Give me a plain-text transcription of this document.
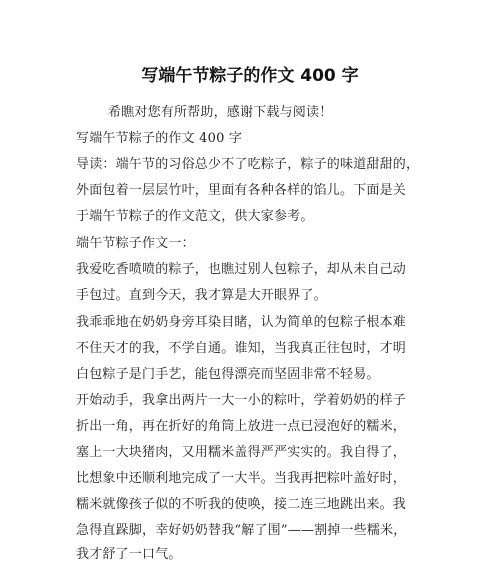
写端午节粽子的作文 400 字
希瞧对您有所帮助，感谢下载与阅读！
写端午节粽子的作文 400 字
导读：端午节的习俗总少不了吃粽子，粽子的味道甜甜的，
外面包着一层层竹叶，里面有各种各样的馅儿。下面是关
于端午节粽子的作文范文，供大家参考。
端午节粽子作文一：
我爱吃香喷喷的粽子，也瞧过别人包粽子，却从未自己动
手包过。直到今天，我才算是大开眼界了。
我乖乖地在奶奶身旁耳染目睹，认为简单的包粽子根本难
不住天才的我，不学自通。谁知，当我真正往包时，才明
白包粽子是门手艺，能包得漂亮而坚固非常不轻易。
开始动手，我拿出两片一大一小的粽叶，学着奶奶的样子
折出一角，再在折好的角筒上放进一点已浸泡好的糯米，
塞上一大块猪肉，又用糯米盖得严严实实的。我自得了，
比想象中还顺利地完成了一大半。当我再把粽叶盖好时，
糯米就像孩子似的不听我的使唤，接二连三地跳出来。我
急得直跺脚，幸好奶奶替我“解了围”——割掉一些糯米，
我才舒了一口气。
